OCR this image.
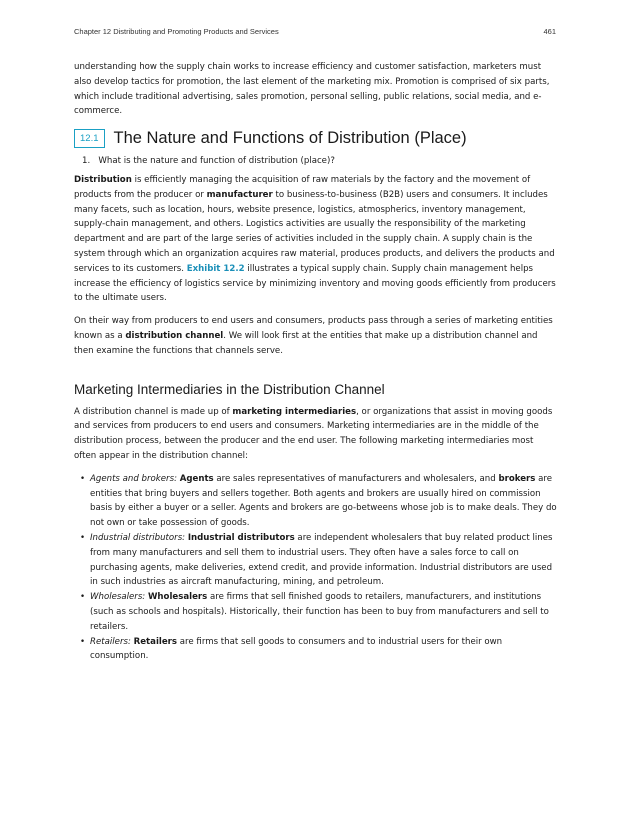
Chapter 12 Distributing and Promoting Products and Services	461

understanding how the supply chain works to increase efficiency and customer satisfaction, marketers must also develop tactics for promotion, the last element of the marketing mix. Promotion is comprised of six parts, which include traditional advertising, sales promotion, personal selling, public relations, social media, and e-commerce.

12.1 The Nature and Functions of Distribution (Place)
1. What is the nature and function of distribution (place)?

Distribution is efficiently managing the acquisition of raw materials by the factory and the movement of products from the producer or manufacturer to business-to-business (B2B) users and consumers. It includes many facets, such as location, hours, website presence, logistics, atmospherics, inventory management, supply-chain management, and others. Logistics activities are usually the responsibility of the marketing department and are part of the large series of activities included in the supply chain. A supply chain is the system through which an organization acquires raw material, produces products, and delivers the products and services to its customers. Exhibit 12.2 illustrates a typical supply chain. Supply chain management helps increase the efficiency of logistics service by minimizing inventory and moving goods efficiently from producers to the ultimate users.

On their way from producers to end users and consumers, products pass through a series of marketing entities known as a distribution channel. We will look first at the entities that make up a distribution channel and then examine the functions that channels serve.

Marketing Intermediaries in the Distribution Channel

A distribution channel is made up of marketing intermediaries, or organizations that assist in moving goods and services from producers to end users and consumers. Marketing intermediaries are in the middle of the distribution process, between the producer and the end user. The following marketing intermediaries most often appear in the distribution channel:

• Agents and brokers: Agents are sales representatives of manufacturers and wholesalers, and brokers are entities that bring buyers and sellers together. Both agents and brokers are usually hired on commission basis by either a buyer or a seller. Agents and brokers are go-betweens whose job is to make deals. They do not own or take possession of goods.
• Industrial distributors: Industrial distributors are independent wholesalers that buy related product lines from many manufacturers and sell them to industrial users. They often have a sales force to call on purchasing agents, make deliveries, extend credit, and provide information. Industrial distributors are used in such industries as aircraft manufacturing, mining, and petroleum.
• Wholesalers: Wholesalers are firms that sell finished goods to retailers, manufacturers, and institutions (such as schools and hospitals). Historically, their function has been to buy from manufacturers and sell to retailers.
• Retailers: Retailers are firms that sell goods to consumers and to industrial users for their own consumption.
